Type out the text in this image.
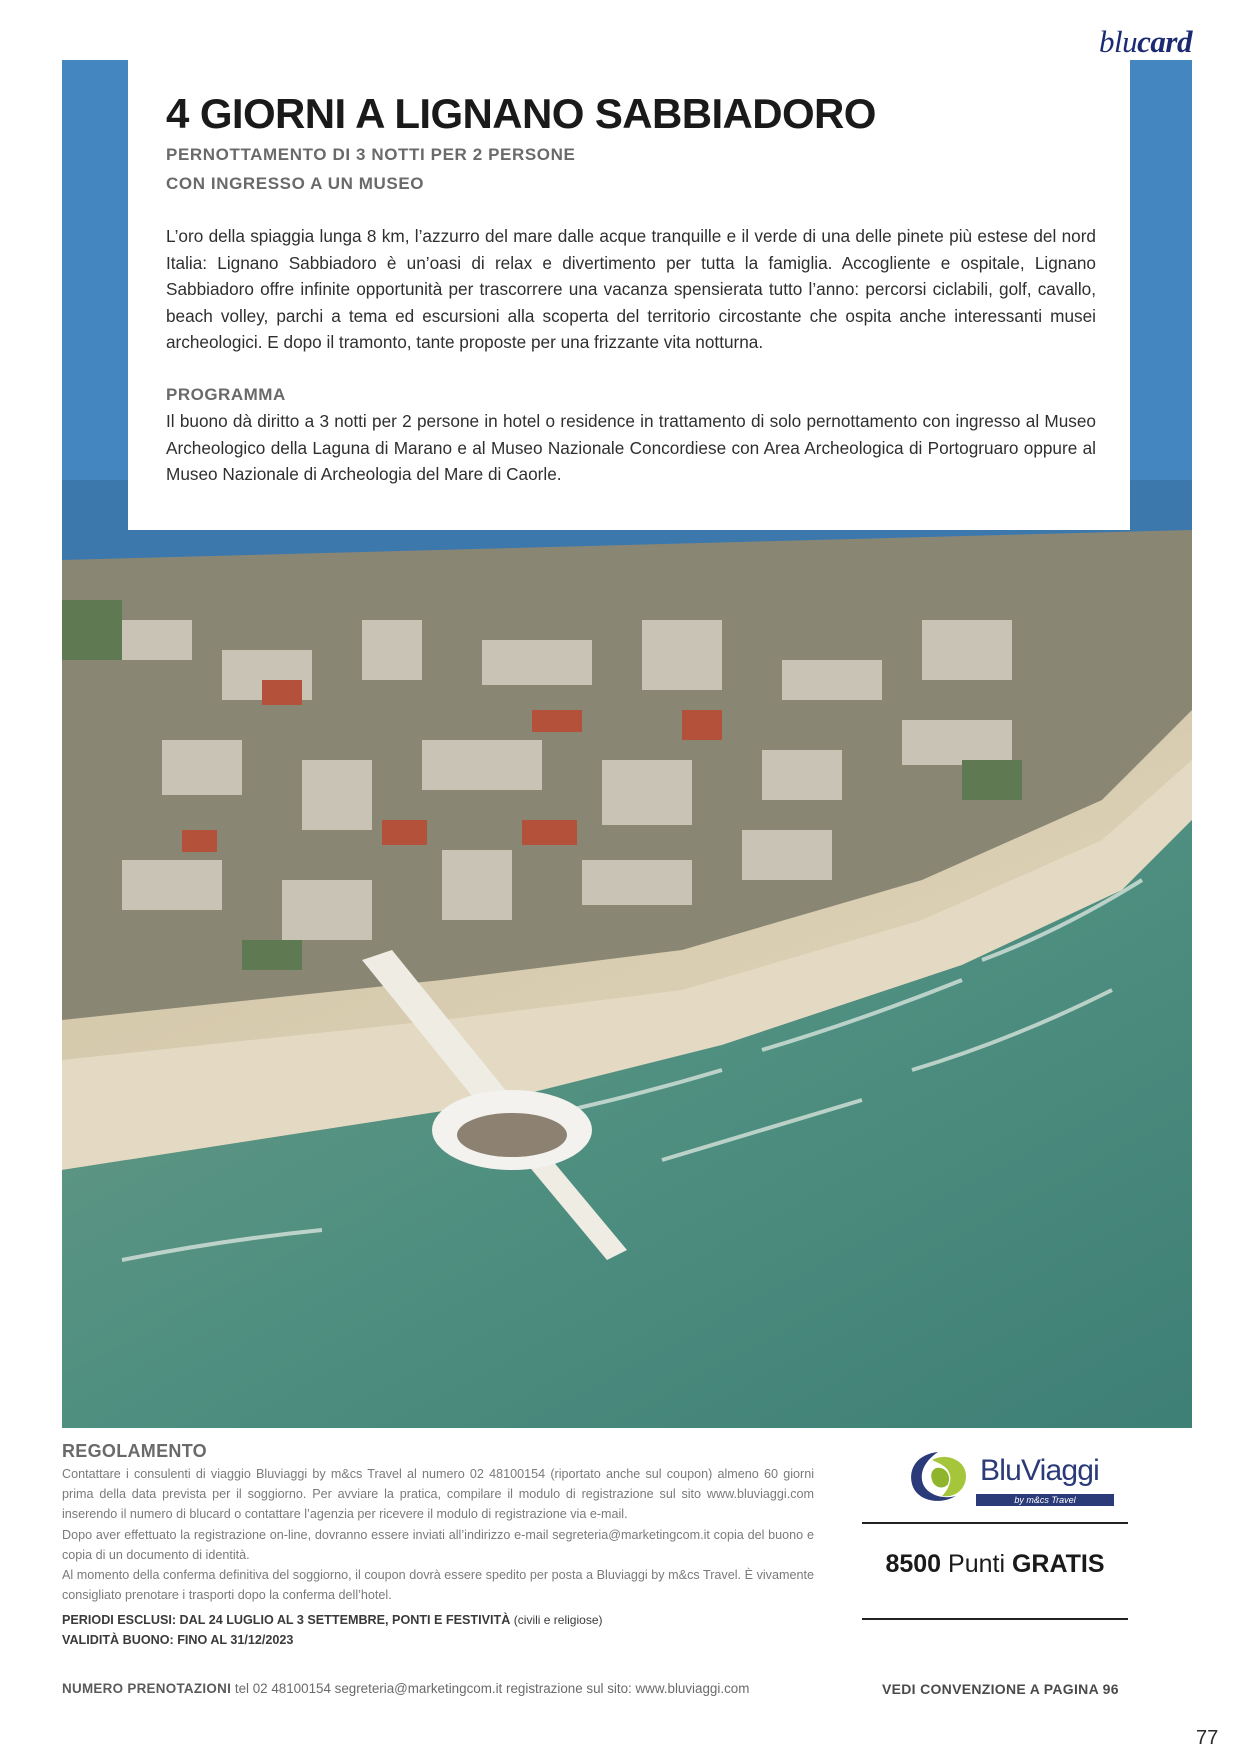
blucard
4 GIORNI A LIGNANO SABBIADORO
PERNOTTAMENTO DI 3 NOTTI PER 2 PERSONE
CON INGRESSO A UN MUSEO
L’oro della spiaggia lunga 8 km, l’azzurro del mare dalle acque tranquille e il verde di una delle pinete più estese del nord Italia: Lignano Sabbiadoro è un’oasi di relax e divertimento per tutta la famiglia. Accogliente e ospitale, Lignano Sabbiadoro offre infinite opportunità per trascorrere una vacanza spensierata tutto l’anno: percorsi ciclabili, golf, cavallo, beach volley, parchi a tema ed escursioni alla scoperta del territorio circostante che ospita anche interessanti musei archeologici. E dopo il tramonto, tante proposte per una frizzante vita notturna.
PROGRAMMA
Il buono dà diritto a 3 notti per 2 persone in hotel o residence in trattamento di solo pernottamento con ingresso al Museo Archeologico della Laguna di Marano e al Museo Nazionale Concordiese con Area Archeologica di Portogruaro oppure al Museo Nazionale di Archeologia del Mare di Caorle.
REGOLAMENTO

Contattare i consulenti di viaggio Bluviaggi by m&cs Travel al numero 02 48100154 (riportato anche sul coupon) almeno 60 giorni prima della data prevista per il soggiorno. Per avviare la pratica, compilare il modulo di registrazione sul sito www.bluviaggi.com inserendo il numero di blucard o contattare l’agenzia per ricevere il modulo di registrazione via e-mail.

Dopo aver effettuato la registrazione on-line, dovranno essere inviati all’indirizzo e-mail segreteria@marketingcom.it copia del buono e copia di un documento di identità.

Al momento della conferma definitiva del soggiorno, il coupon dovrà essere spedito per posta a Bluviaggi by m&cs Travel. È vivamente consigliato prenotare i trasporti dopo la conferma dell’hotel.

PERIODI ESCLUSI: DAL 24 LUGLIO AL 3 SETTEMBRE, PONTI E FESTIVITÀ (civili e religiose)
VALIDITÀ BUONO: FINO AL 31/12/2023
BluViaggi
by m&cs Travel
8500 Punti GRATIS
NUMERO PRENOTAZIONI tel 02 48100154 segreteria@marketingcom.it registrazione sul sito: www.bluviaggi.com	VEDI CONVENZIONE A PAGINA 96
77
